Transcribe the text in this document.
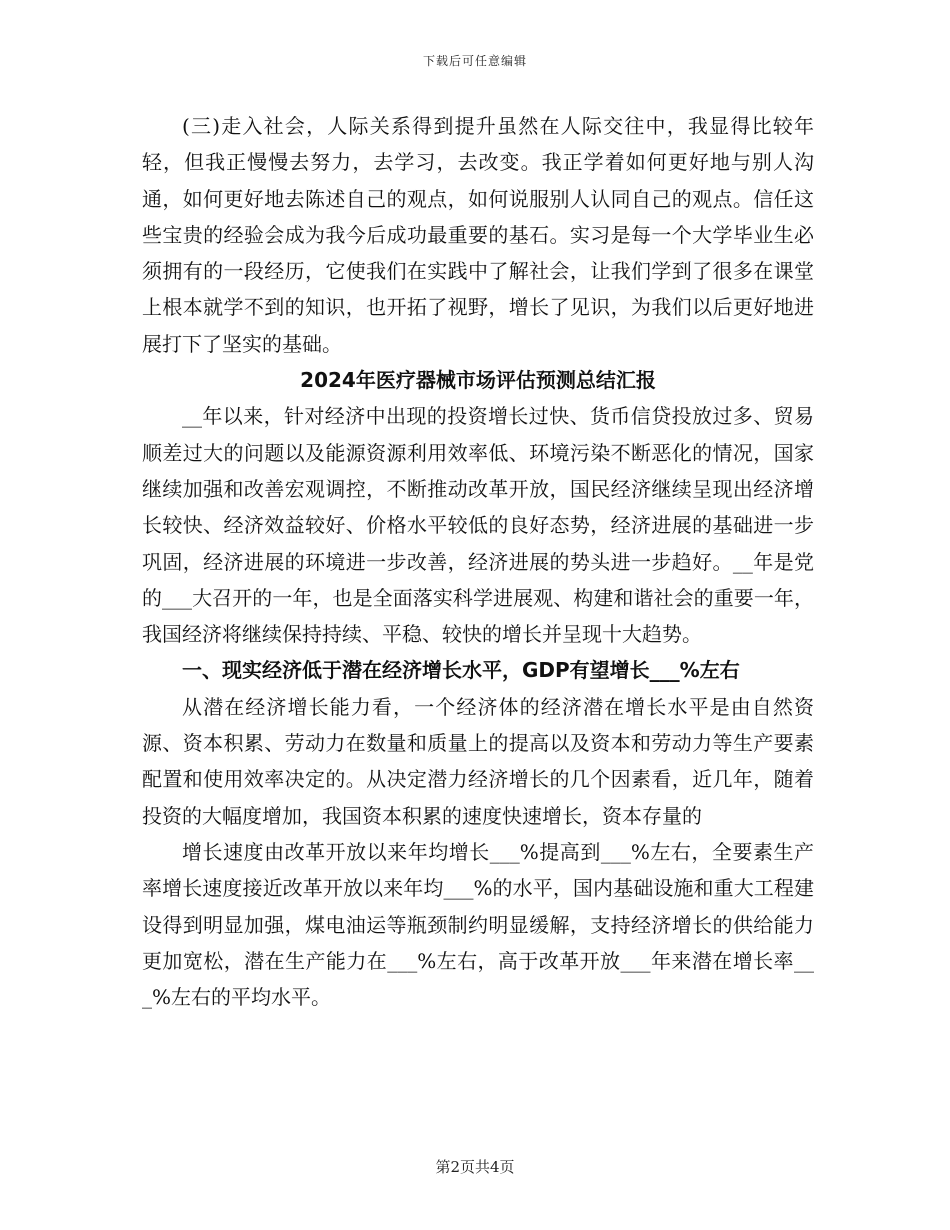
下载后可任意编辑

(三)走入社会，人际关系得到提升虽然在人际交往中，我显得比较年轻，但我正慢慢去努力，去学习，去改变。我正学着如何更好地与别人沟通，如何更好地去陈述自己的观点，如何说服别人认同自己的观点。信任这些宝贵的经验会成为我今后成功最重要的基石。实习是每一个大学毕业生必须拥有的一段经历，它使我们在实践中了解社会，让我们学到了很多在课堂上根本就学不到的知识，也开拓了视野，增长了见识，为我们以后更好地进展打下了坚实的基础。

2024年医疗器械市场评估预测总结汇报

__年以来，针对经济中出现的投资增长过快、货币信贷投放过多、贸易顺差过大的问题以及能源资源利用效率低、环境污染不断恶化的情况，国家继续加强和改善宏观调控，不断推动改革开放，国民经济继续呈现出经济增长较快、经济效益较好、价格水平较低的良好态势，经济进展的基础进一步巩固，经济进展的环境进一步改善，经济进展的势头进一步趋好。__年是党的___大召开的一年，也是全面落实科学进展观、构建和谐社会的重要一年，我国经济将继续保持持续、平稳、较快的增长并呈现十大趋势。

一、现实经济低于潜在经济增长水平，GDP有望增长___%左右

从潜在经济增长能力看，一个经济体的经济潜在增长水平是由自然资源、资本积累、劳动力在数量和质量上的提高以及资本和劳动力等生产要素配置和使用效率决定的。从决定潜力经济增长的几个因素看，近几年，随着投资的大幅度增加，我国资本积累的速度快速增长，资本存量的

增长速度由改革开放以来年均增长___%提高到___%左右，全要素生产率增长速度接近改革开放以来年均___%的水平，国内基础设施和重大工程建设得到明显加强，煤电油运等瓶颈制约明显缓解，支持经济增长的供给能力更加宽松，潜在生产能力在___%左右，高于改革开放___年来潜在增长率___%左右的平均水平。

第2页共4页
